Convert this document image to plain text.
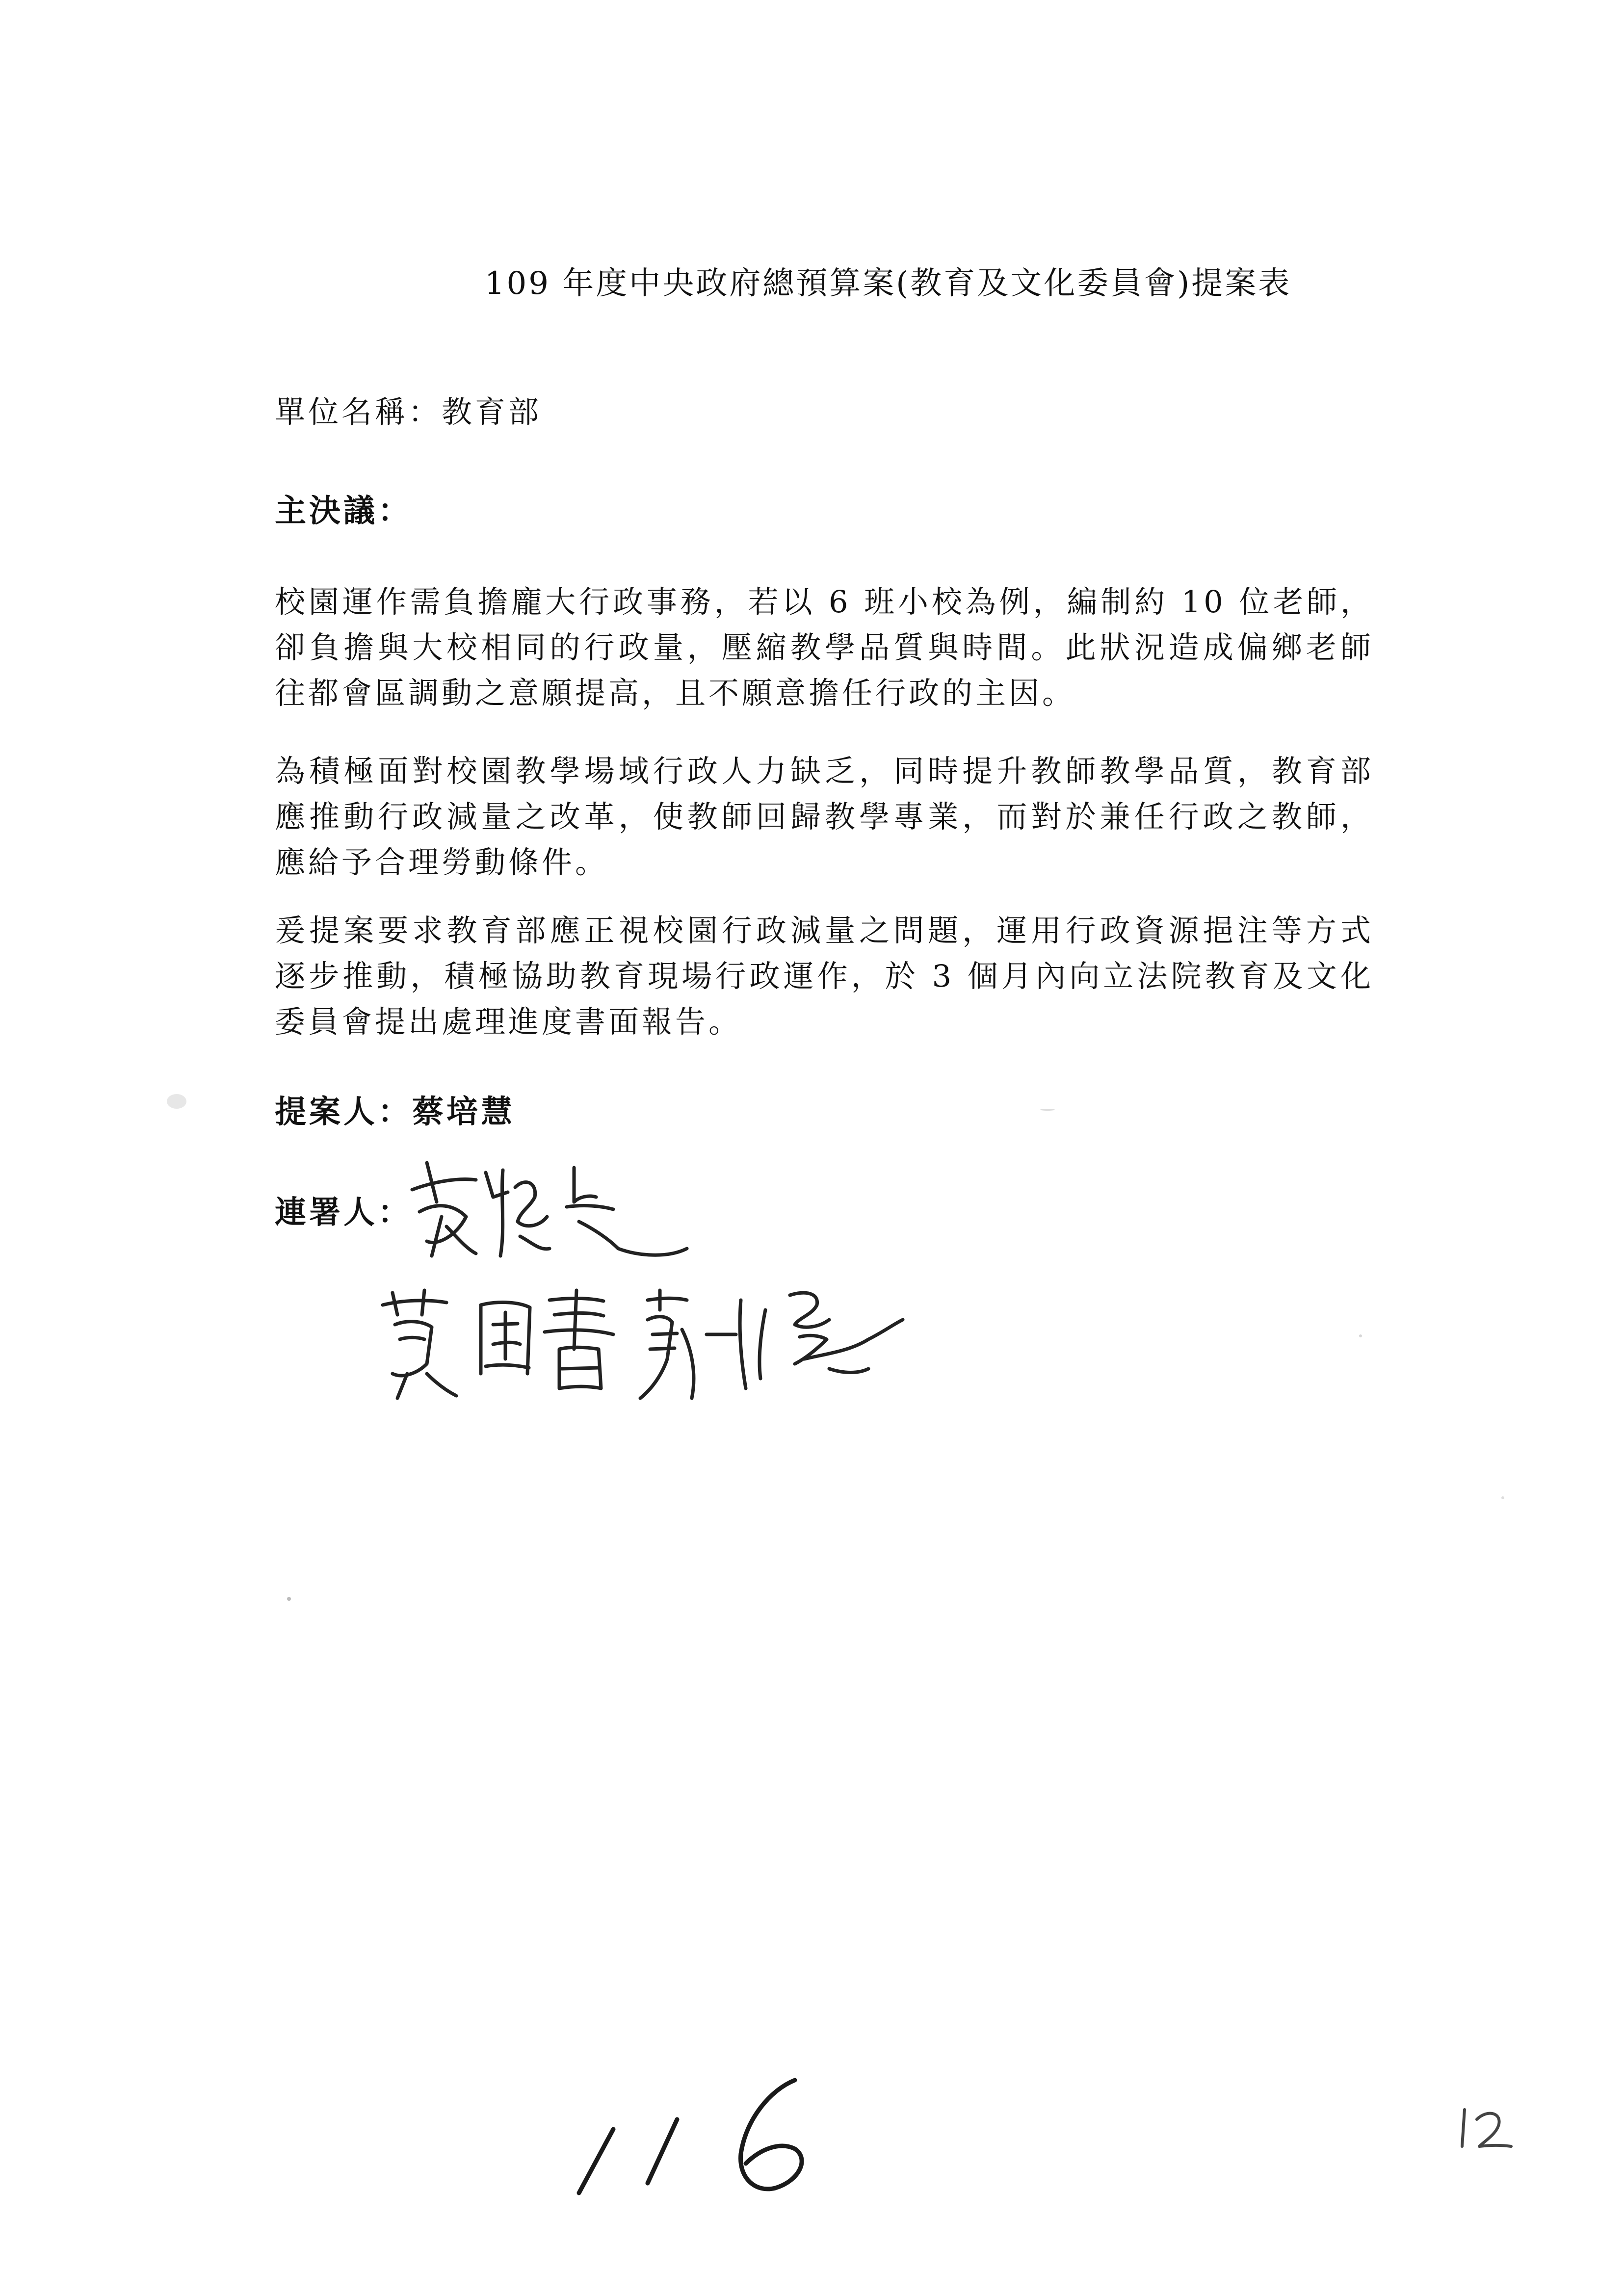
109 年度中央政府總預算案(教育及文化委員會)提案表
單位名稱：教育部
主決議：

校園運作需負擔龐大行政事務，若以 6 班小校為例，編制約 10 位老師，卻負擔與大校相同的行政量，壓縮教學品質與時間。此狀況造成偏鄉老師往都會區調動之意願提高，且不願意擔任行政的主因。

為積極面對校園教學場域行政人力缺乏，同時提升教師教學品質，教育部應推動行政減量之改革，使教師回歸教學專業，而對於兼任行政之教師，應給予合理勞動條件。

爰提案要求教育部應正視校園行政減量之問題，運用行政資源挹注等方式逐步推動，積極協助教育現場行政運作，於 3 個月內向立法院教育及文化委員會提出處理進度書面報告。

提案人：蔡培慧
連署人：
